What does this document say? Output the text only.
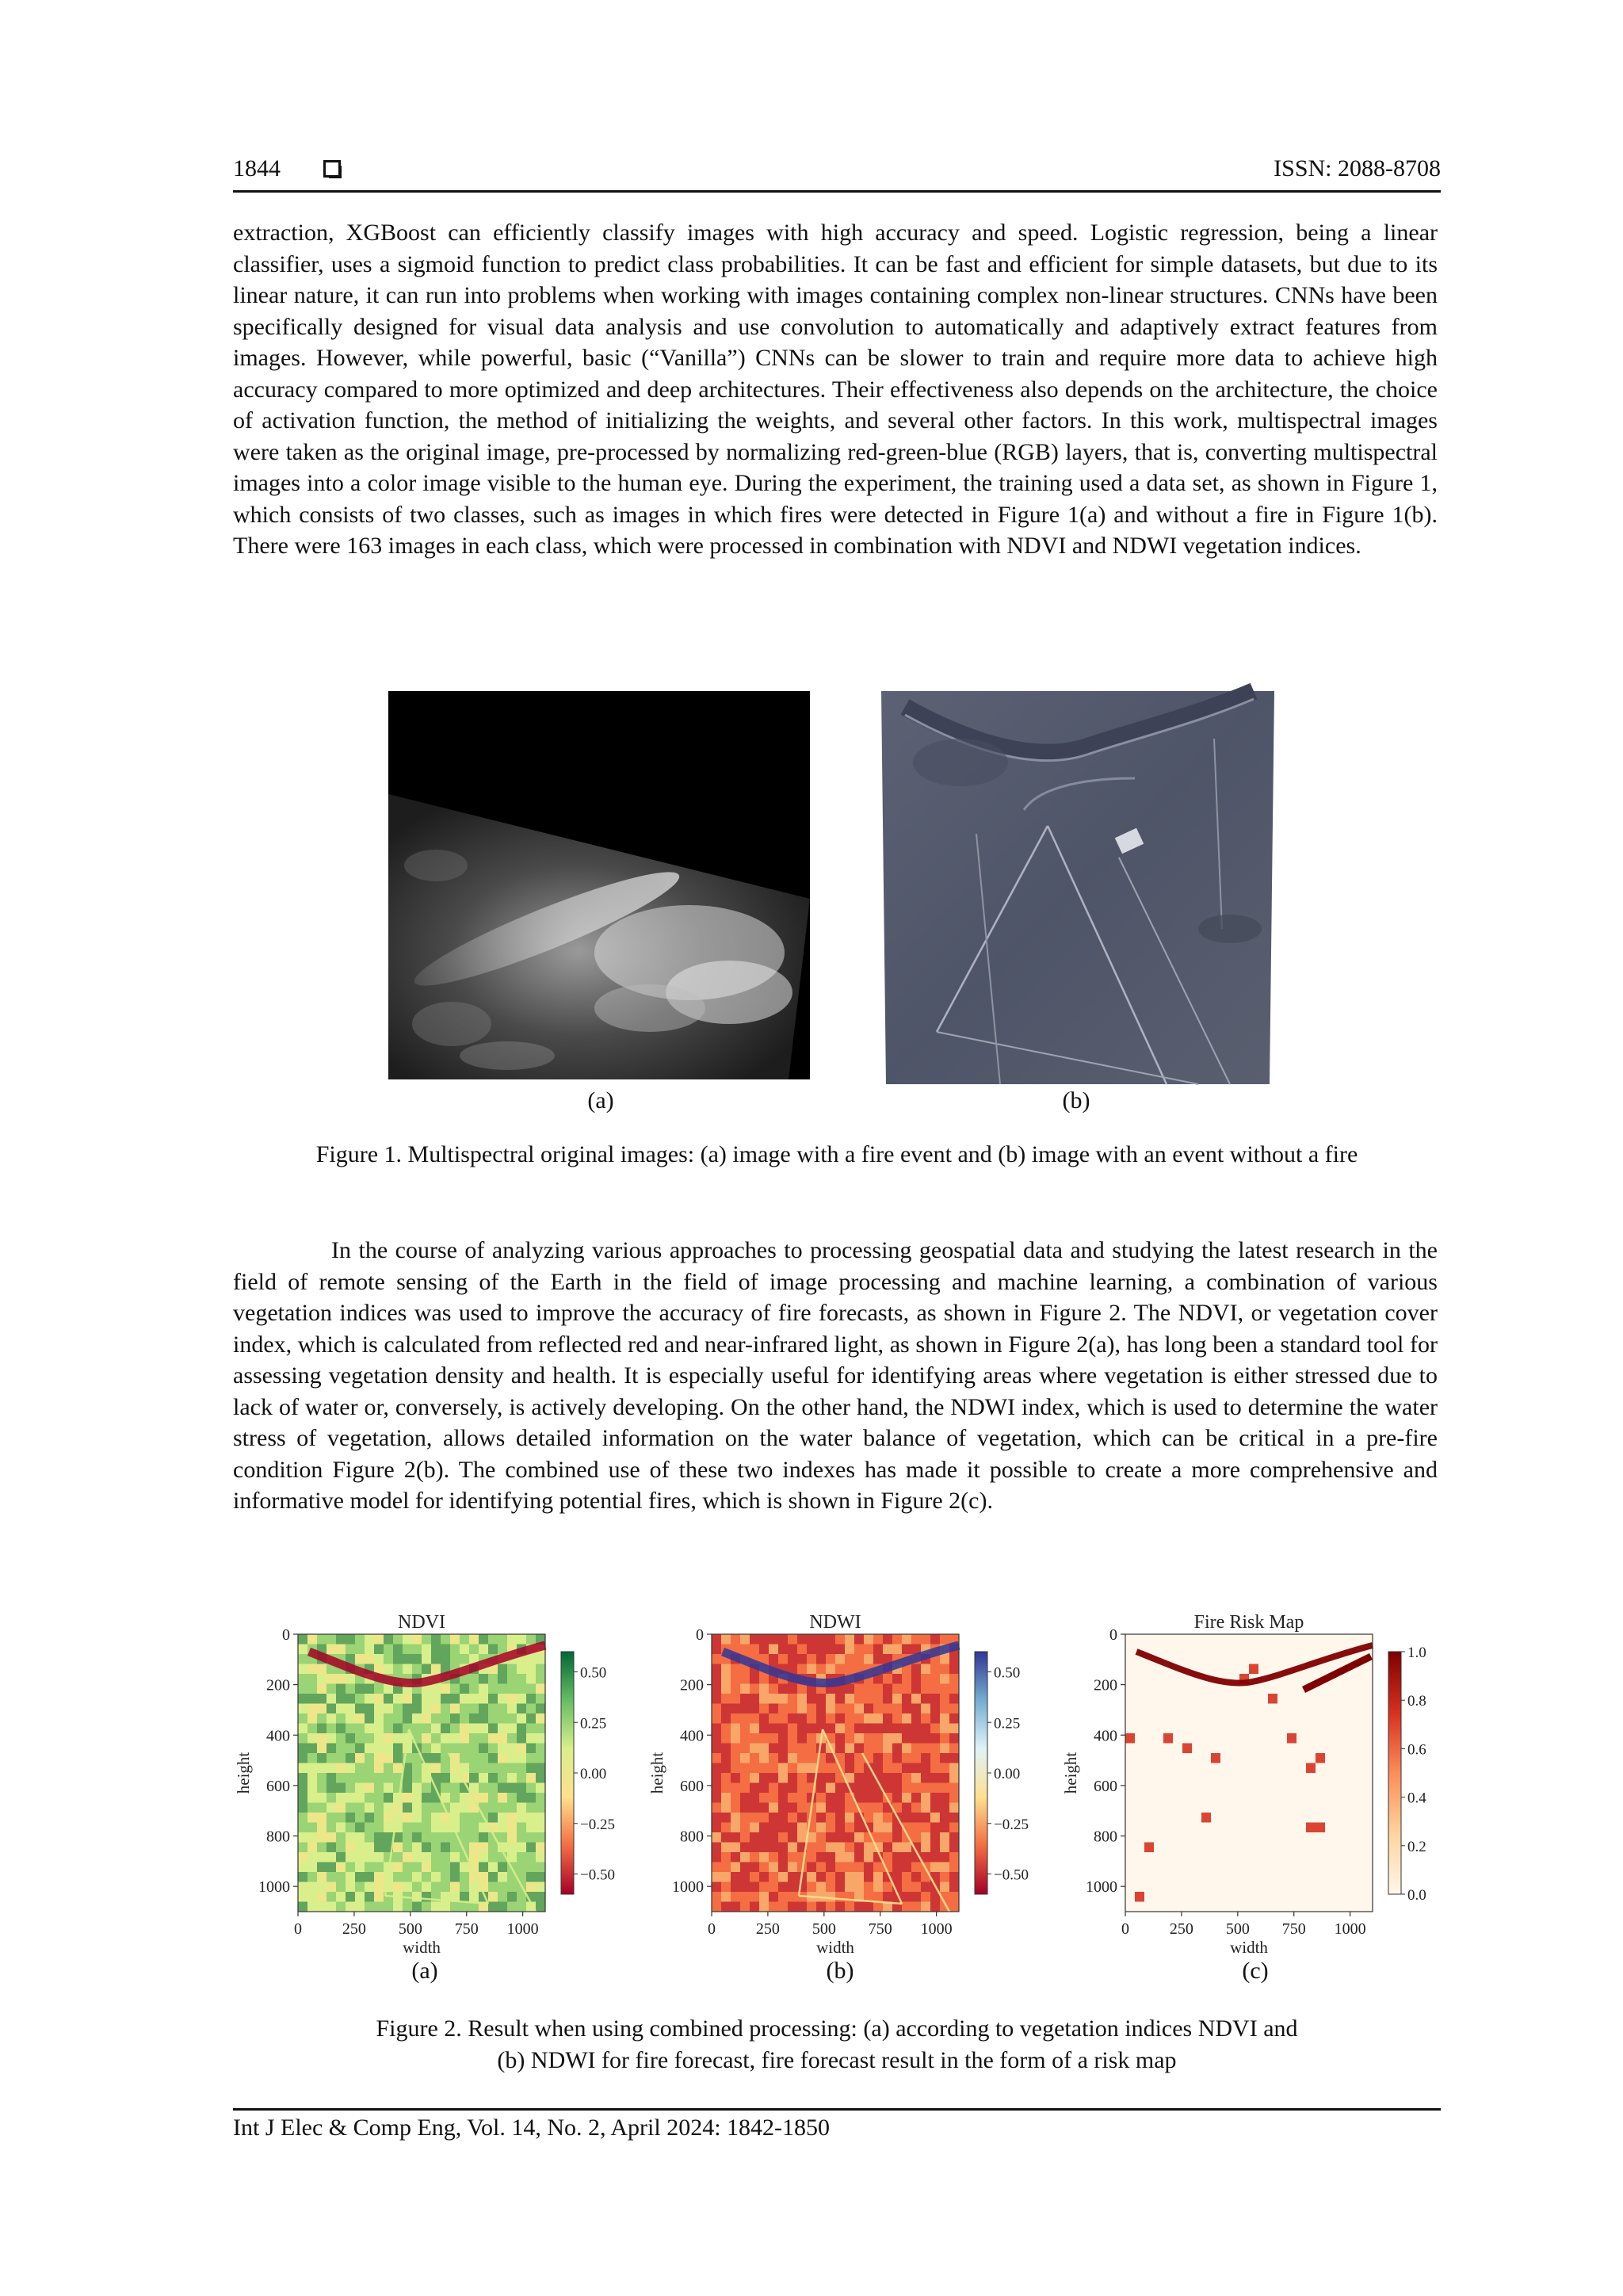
1844	ISSN: 2088-8708

extraction, XGBoost can efficiently classify images with high accuracy and speed. Logistic regression, being a linear classifier, uses a sigmoid function to predict class probabilities. It can be fast and efficient for simple datasets, but due to its linear nature, it can run into problems when working with images containing complex non-linear structures. CNNs have been specifically designed for visual data analysis and use convolution to automatically and adaptively extract features from images. However, while powerful, basic (“Vanilla”) CNNs can be slower to train and require more data to achieve high accuracy compared to more optimized and deep architectures. Their effectiveness also depends on the architecture, the choice of activation function, the method of initializing the weights, and several other factors. In this work, multispectral images were taken as the original image, pre-processed by normalizing red-green-blue (RGB) layers, that is, converting multispectral images into a color image visible to the human eye. During the experiment, the training used a data set, as shown in Figure 1, which consists of two classes, such as images in which fires were detected in Figure 1(a) and without a fire in Figure 1(b). There were 163 images in each class, which were processed in combination with NDVI and NDWI vegetation indices.

(a)	(b)
Figure 1. Multispectral original images: (a) image with a fire event and (b) image with an event without a fire

In the course of analyzing various approaches to processing geospatial data and studying the latest research in the field of remote sensing of the Earth in the field of image processing and machine learning, a combination of various vegetation indices was used to improve the accuracy of fire forecasts, as shown in Figure 2. The NDVI, or vegetation cover index, which is calculated from reflected red and near-infrared light, as shown in Figure 2(a), has long been a standard tool for assessing vegetation density and health. It is especially useful for identifying areas where vegetation is either stressed due to lack of water or, conversely, is actively developing. On the other hand, the NDWI index, which is used to determine the water stress of vegetation, allows detailed information on the water balance of vegetation, which can be critical in a pre-fire condition Figure 2(b). The combined use of these two indexes has made it possible to create a more comprehensive and informative model for identifying potential fires, which is shown in Figure 2(c).

NDVI
0	250 500 750 1000
0
200
400
600
800
1000
width
height
0.50
0.25
0.00
−0.25
−0.50
NDWI
0	250 500 750 1000
0
200
400
600
800
1000
width
height
0.50
0.25
0.00
−0.25
−0.50
Fire Risk Map
0	250 500 750 1000
0
200
400
600
800
1000
width
height
1.0
0.8
0.6
0.4
0.2
0.0
(a)	(b)	(c)
Figure 2. Result when using combined processing: (a) according to vegetation indices NDVI and
(b) NDWI for fire forecast, fire forecast result in the form of a risk map
Int J Elec & Comp Eng, Vol. 14, No. 2, April 2024: 1842-1850
